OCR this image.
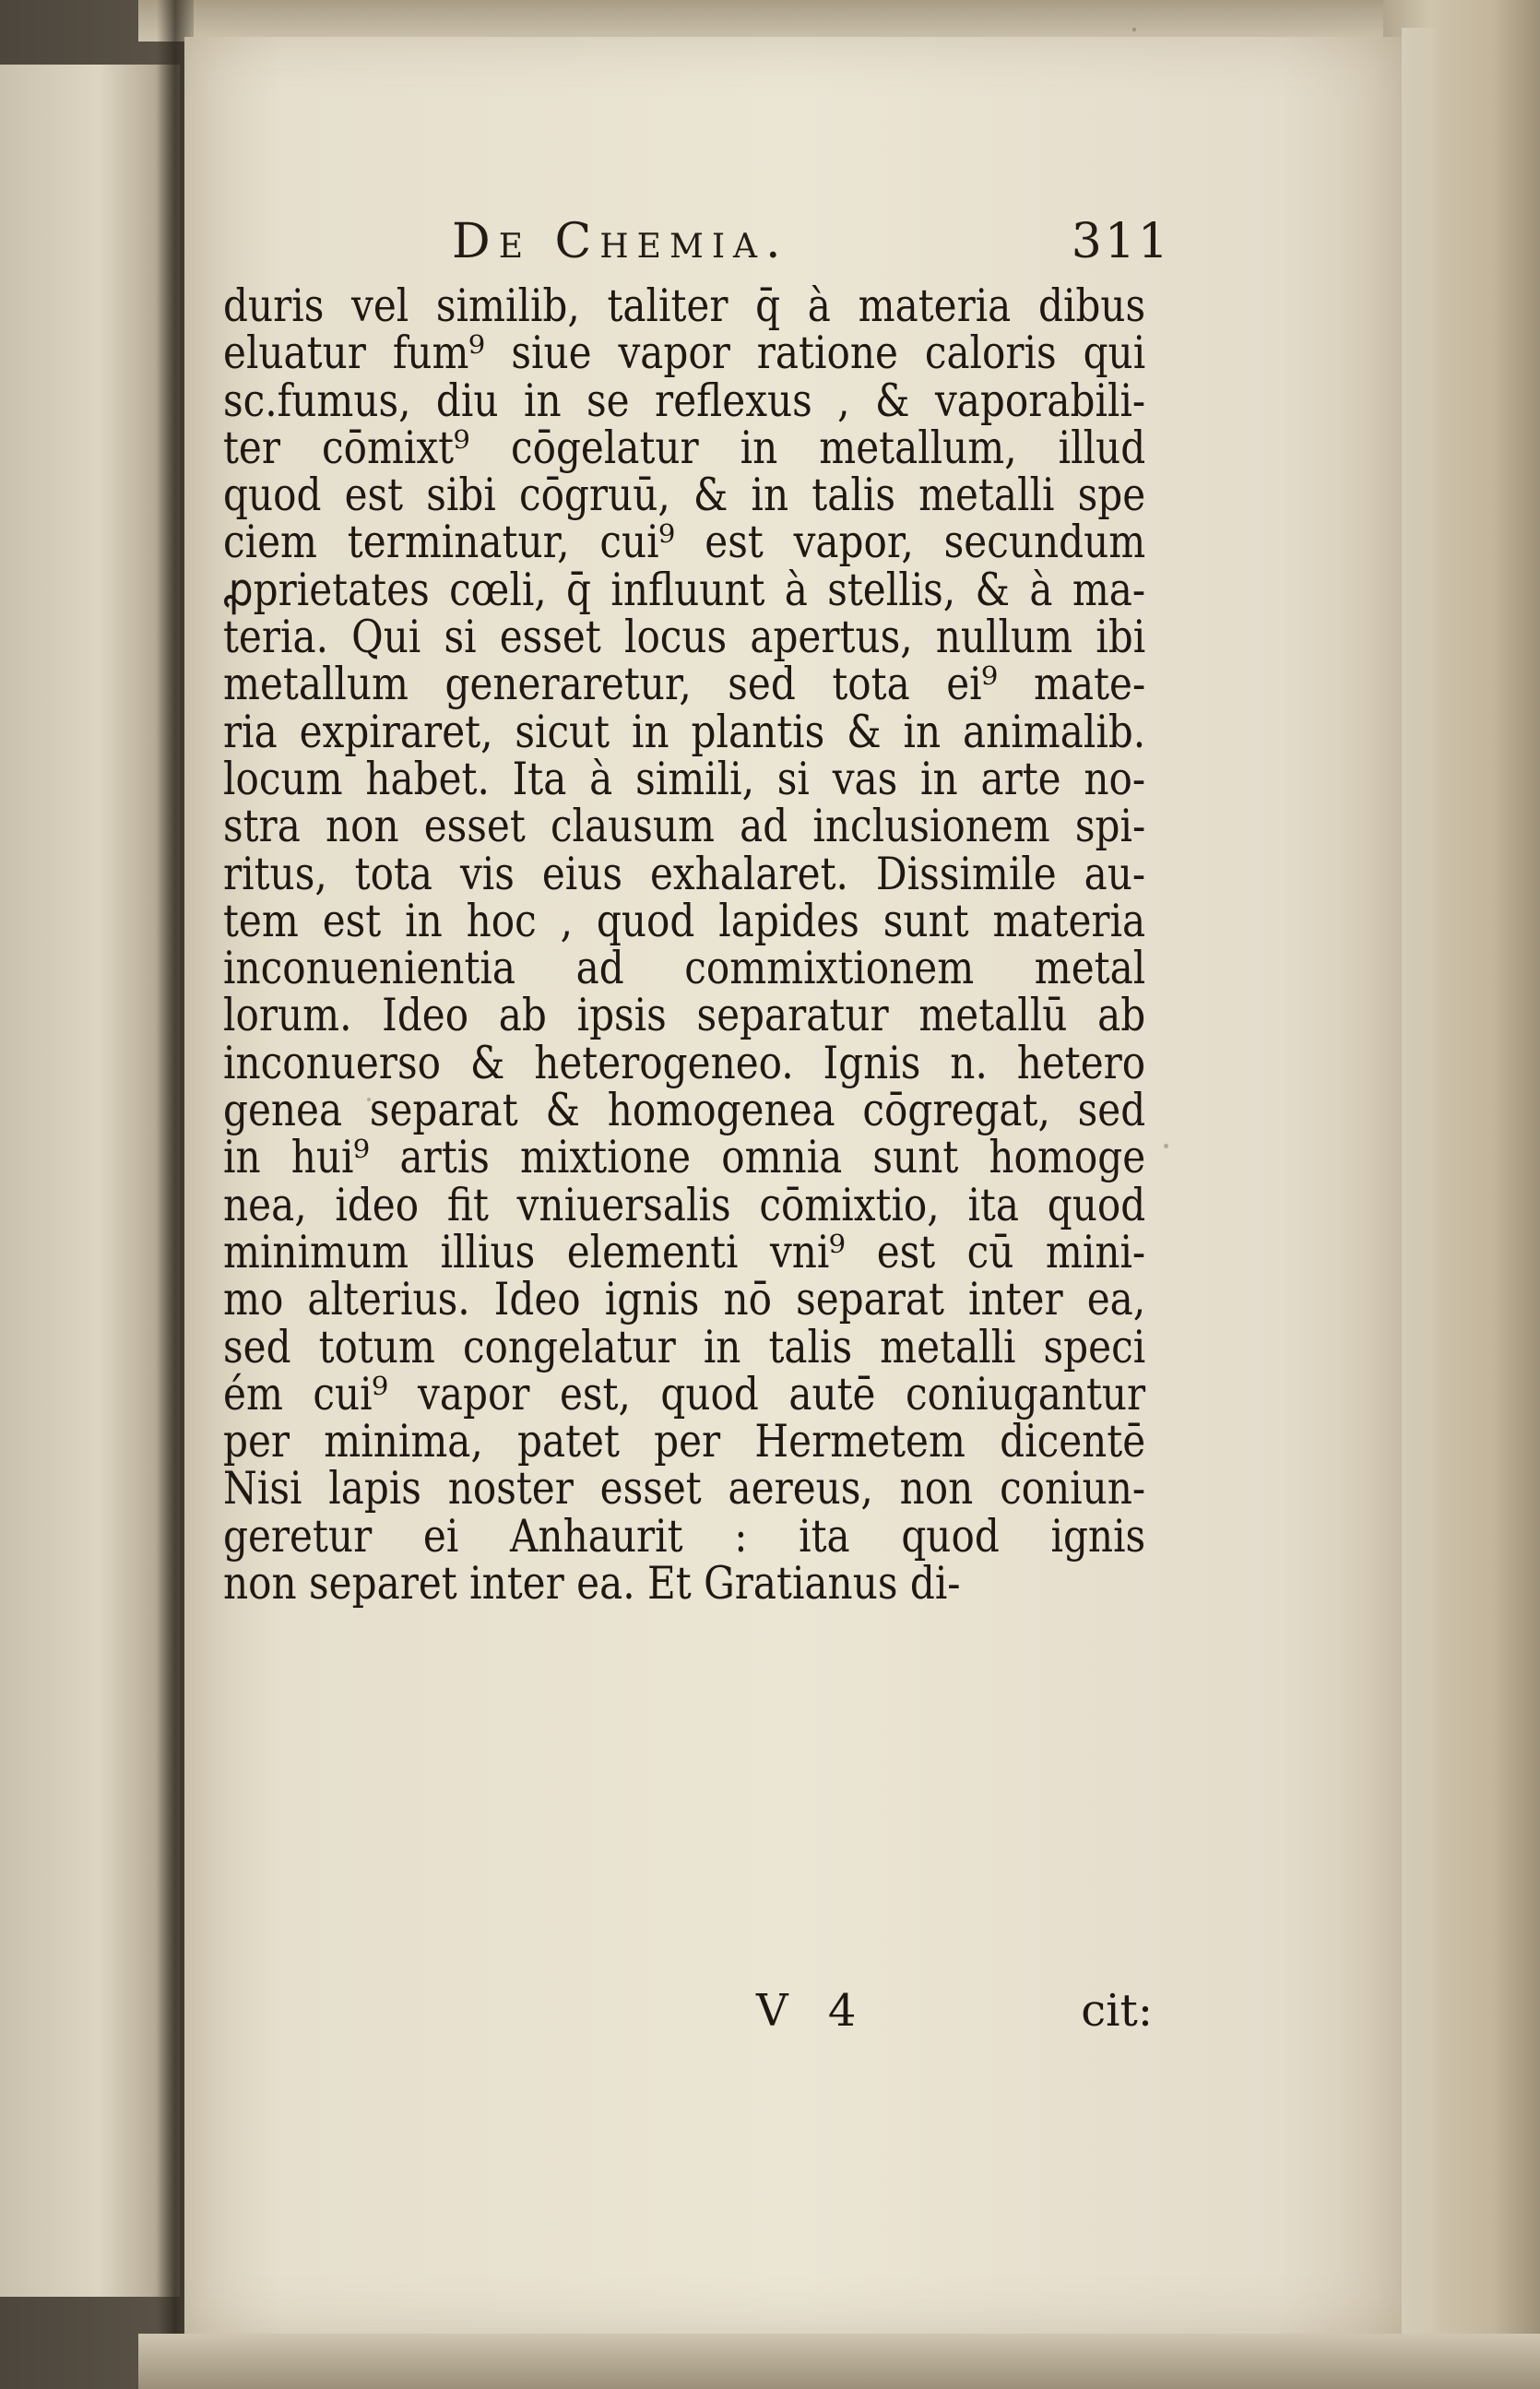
De Chemia.	311
duris vel similib, taliter q̄ à materia dibus
eluatur fum⁹ siue vapor ratione caloris qui
sc.fumus, diu in se reflexus , & vaporabili-
ter cōmixt⁹ cōgelatur in metallum, illud
quod est sibi cōgruū, & in talis metalli spe
ciem terminatur, cui⁹ est vapor, secundum
ꝓprietates cœli, q̄ influunt à stellis, & à ma-
teria. Qui si esset locus apertus, nullum ibi
metallum generaretur, sed tota ei⁹ mate-
ria expiraret, sicut in plantis & in animalib.
locum habet. Ita à simili, si vas in arte no-
stra non esset clausum ad inclusionem spi-
ritus, tota vis eius exhalaret. Dissimile au-
tem est in hoc , quod lapides sunt materia
inconuenientia ad commixtionem metal
lorum. Ideo ab ipsis separatur metallū ab
inconuerso & heterogeneo. Ignis n. hetero
genea separat & homogenea cōgregat, sed
in hui⁹ artis mixtione omnia sunt homoge
nea, ideo fit vniuersalis cōmixtio, ita quod
minimum illius elementi vni⁹ est cū mini-
mo alterius. Ideo ignis nō separat inter ea,
sed totum congelatur in talis metalli speci
ém cui⁹ vapor est, quod autē coniugantur
per minima, patet per Hermetem dicentē
Nisi lapis noster esset aereus, non coniun-
geretur ei Anhaurit : ita quod ignis
non separet inter ea. Et Gratianus di-
V 4	cit:
